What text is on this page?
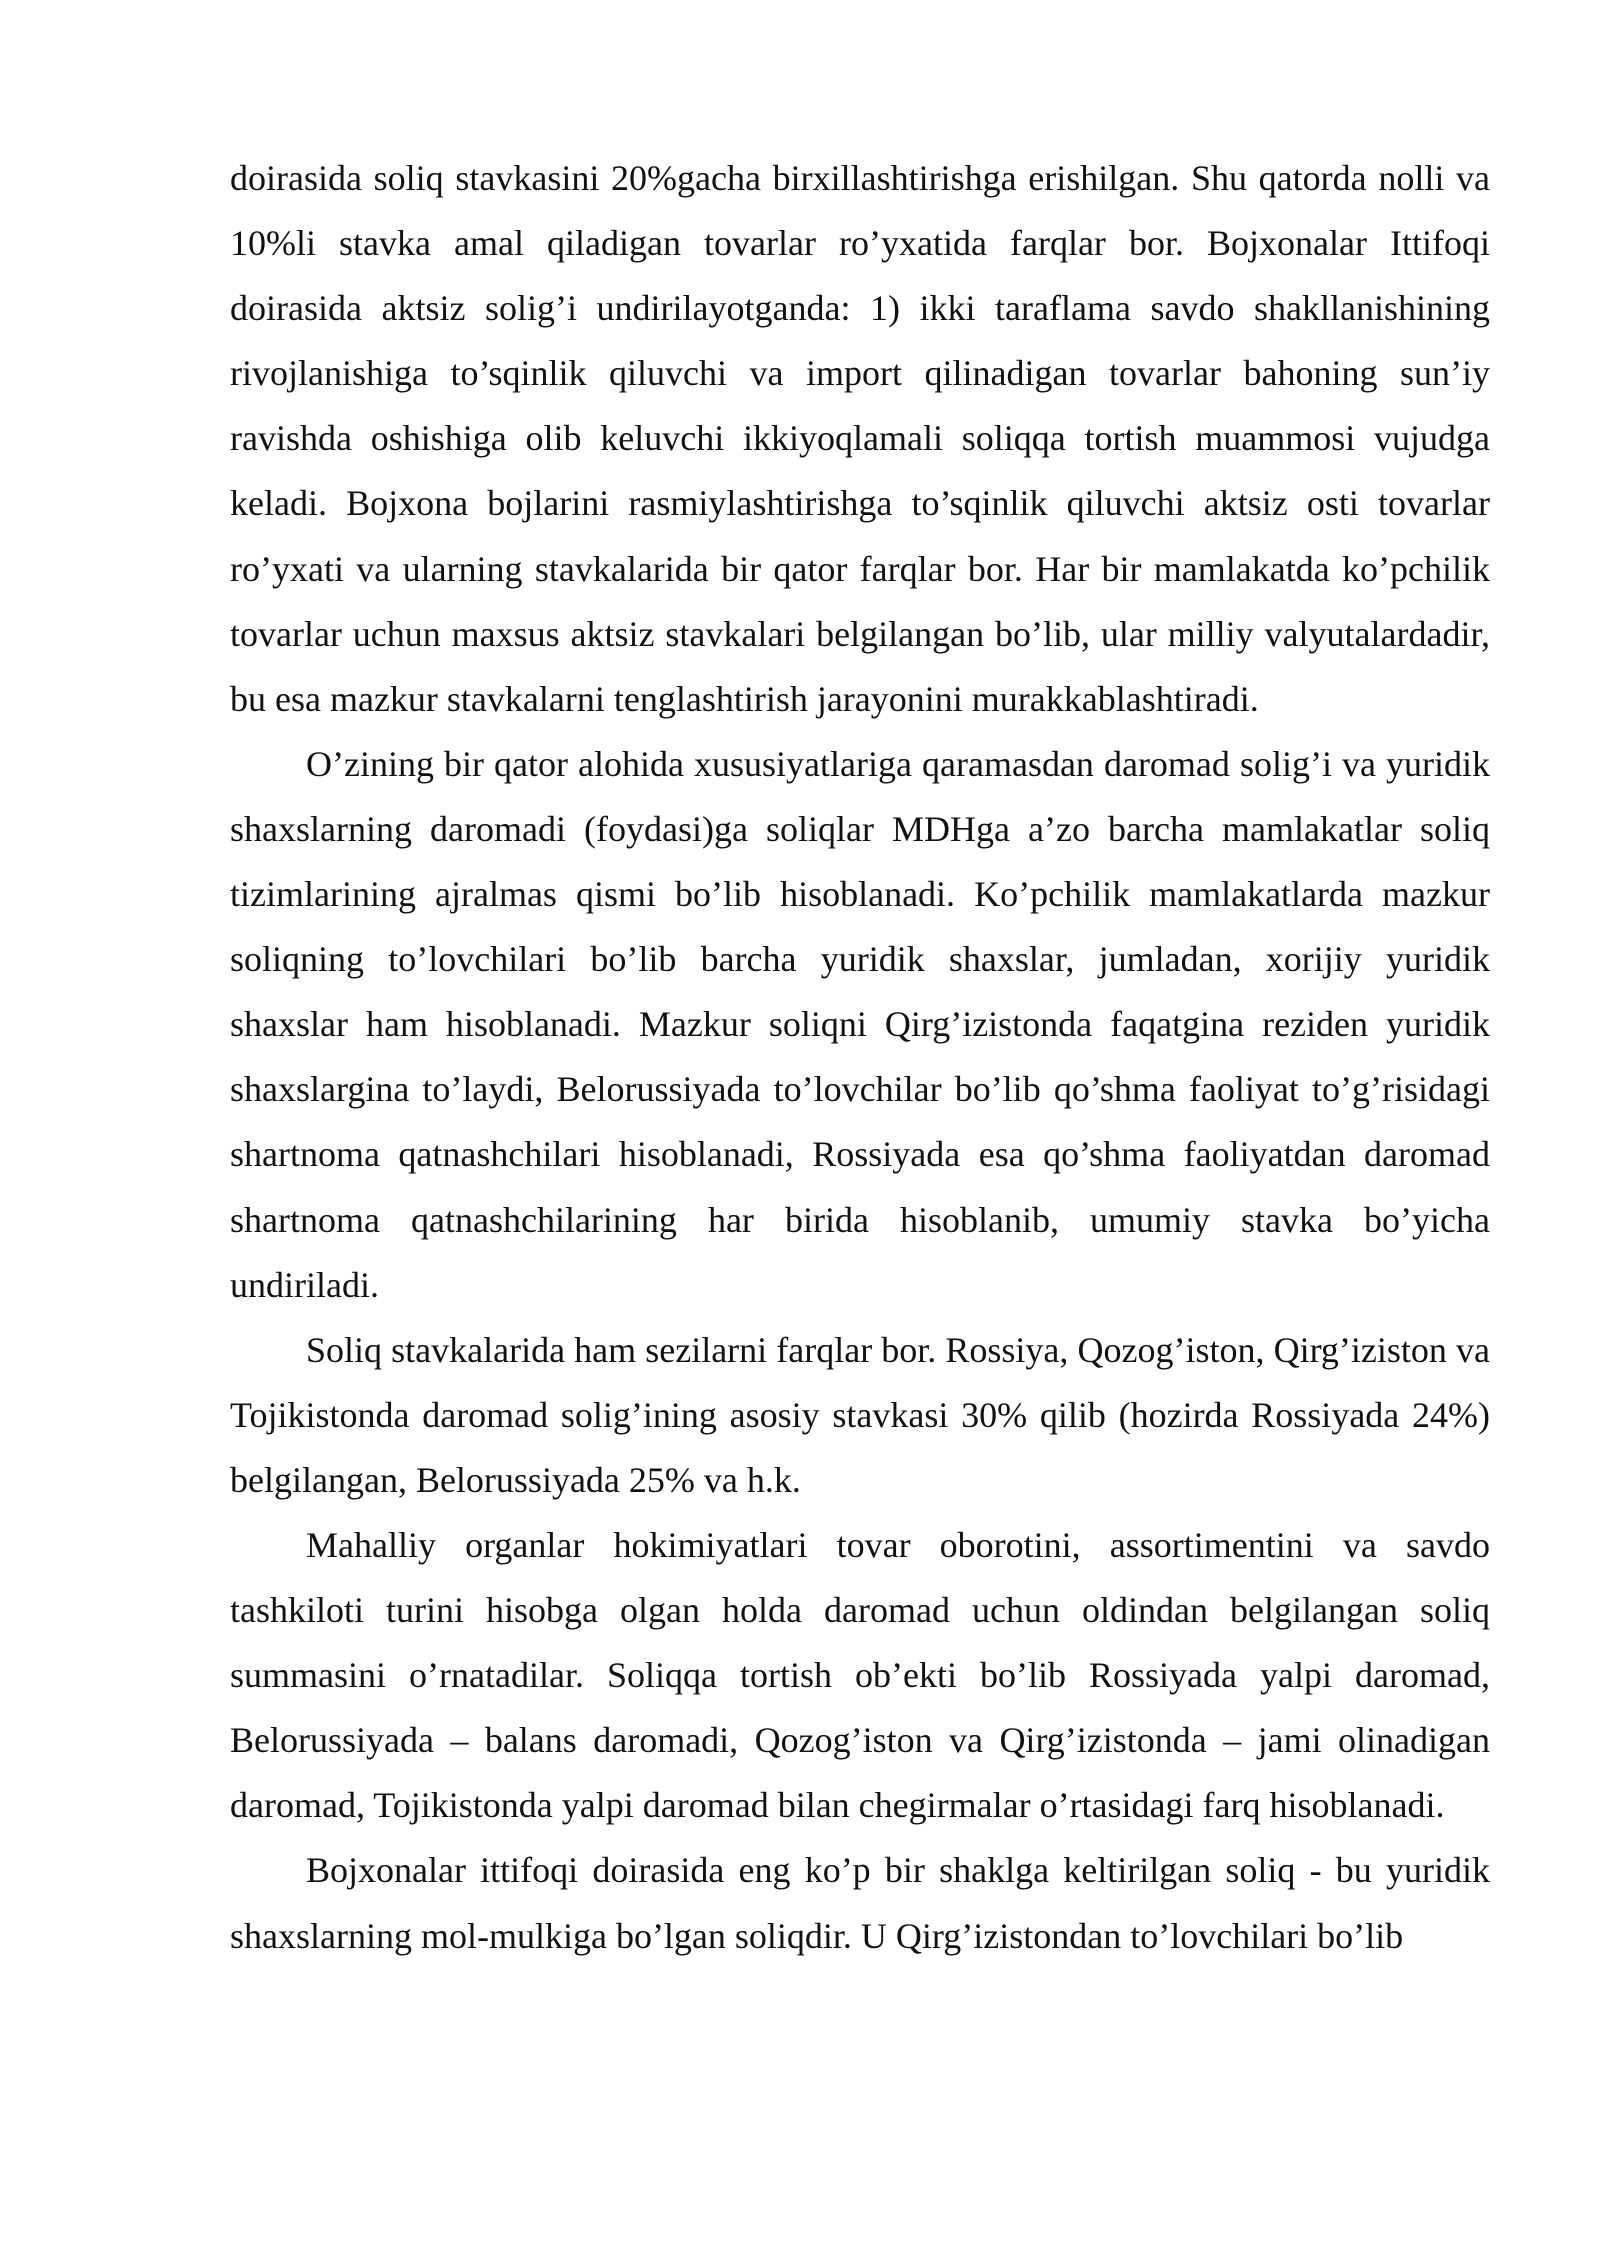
doirasida soliq stavkasini 20%gacha birxillashtirishga erishilgan. Shu qatorda nolli va 10%li stavka amal qiladigan tovarlar ro’yxatida farqlar bor. Bojxonalar Ittifoqi doirasida aktsiz solig’i undirilayotganda: 1) ikki taraflama savdo shakllanishining rivojlanishiga to’sqinlik qiluvchi va import qilinadigan tovarlar bahoning sun’iy ravishda oshishiga olib keluvchi ikkiyoqlamali soliqqa tortish muammosi vujudga keladi. Bojxona bojlarini rasmiylashtirishga to’sqinlik qiluvchi aktsiz osti tovarlar ro’yxati va ularning stavkalarida bir qator farqlar bor. Har bir mamlakatda ko’pchilik tovarlar uchun maxsus aktsiz stavkalari belgilangan bo’lib, ular milliy valyutalardadir, bu esa mazkur stavkalarni tenglashtirish jarayonini murakkablashtiradi.

O’zining bir qator alohida xususiyatlariga qaramasdan daromad solig’i va yuridik shaxslarning daromadi (foydasi)ga soliqlar MDHga a’zo barcha mamlakatlar soliq tizimlarining ajralmas qismi bo’lib hisoblanadi. Ko’pchilik mamlakatlarda mazkur soliqning to’lovchilari bo’lib barcha yuridik shaxslar, jumladan, xorijiy yuridik shaxslar ham hisoblanadi. Mazkur soliqni Qirg’izistonda faqatgina reziden yuridik shaxslargina to’laydi, Belorussiyada to’lovchilar bo’lib qo’shma faoliyat to’g’risidagi shartnoma qatnashchilari hisoblanadi, Rossiyada esa qo’shma faoliyatdan daromad shartnoma qatnashchilarining har birida hisoblanib, umumiy stavka bo’yicha undiriladi.

Soliq stavkalarida ham sezilarni farqlar bor. Rossiya, Qozog’iston, Qirg’iziston va Tojikistonda daromad solig’ining asosiy stavkasi 30% qilib (hozirda Rossiyada 24%) belgilangan, Belorussiyada 25% va h.k.

Mahalliy organlar hokimiyatlari tovar oborotini, assortimentini va savdo tashkiloti turini hisobga olgan holda daromad uchun oldindan belgilangan soliq summasini o’rnatadilar. Soliqqa tortish ob’ekti bo’lib Rossiyada yalpi daromad, Belorussiyada – balans daromadi, Qozog’iston va Qirg’izistonda – jami olinadigan daromad, Tojikistonda yalpi daromad bilan chegirmalar o’rtasidagi farq hisoblanadi.

Bojxonalar ittifoqi doirasida eng ko’p bir shaklga keltirilgan soliq - bu yuridik shaxslarning mol-mulkiga bo’lgan soliqdir. U Qirg’izistondan to’lovchilari bo’lib
